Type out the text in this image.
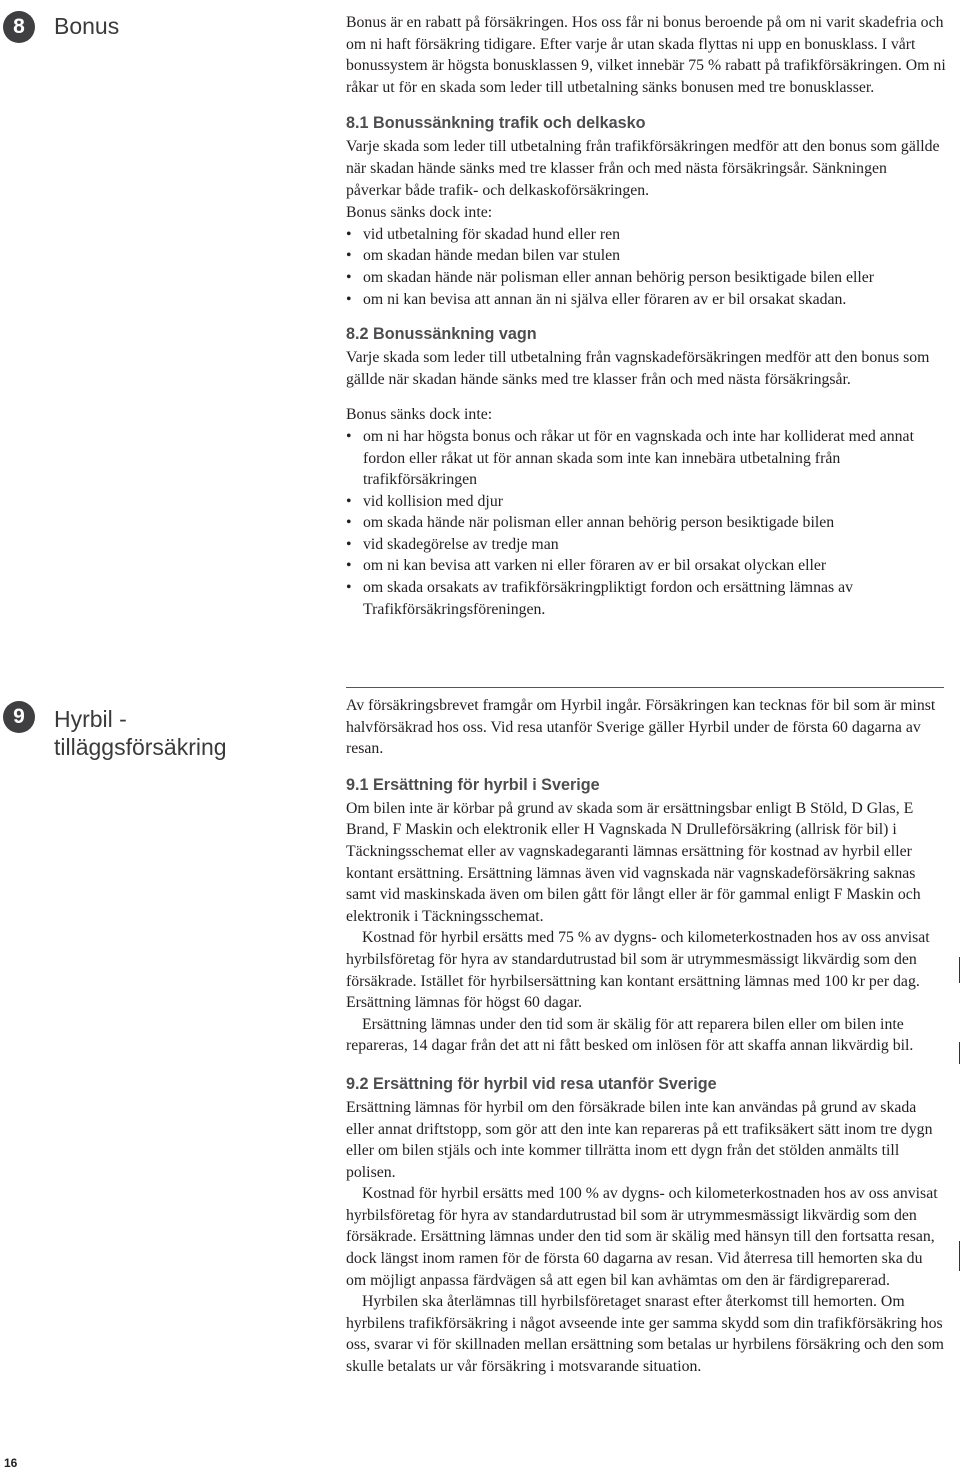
8 Bonus	Bonus är en rabatt på försäkringen. Hos oss får ni bonus beroende på om ni varit skadefria och om ni haft försäkring tidigare. Efter varje år utan skada flyttas ni upp en bonusklass. I vårt bonussystem är högsta bonusklassen 9, vilket innebär 75 % rabatt på trafikförsäkringen. Om ni råkar ut för en skada som leder till utbetalning sänks bonusen med tre bonusklasser.

8.1 Bonussänkning trafik och delkasko

Varje skada som leder till utbetalning från trafikförsäkringen medför att den bonus som gällde när skadan hände sänks med tre klasser från och med nästa försäkringsår. Sänkningen påverkar både trafik- och delkaskoförsäkringen.

Bonus sänks dock inte:

• vid utbetalning för skadad hund eller ren
• om skadan hände medan bilen var stulen
• om skadan hände när polisman eller annan behörig person besiktigade bilen eller
• om ni kan bevisa att annan än ni själva eller föraren av er bil orsakat skadan.
8.2 Bonussänkning vagn

Varje skada som leder till utbetalning från vagnskadeförsäkringen medför att den bonus som gällde när skadan hände sänks med tre klasser från och med nästa försäkringsår.

Bonus sänks dock inte:

• om ni har högsta bonus och råkar ut för en vagnskada och inte har kolliderat med annat fordon eller råkat ut för annan skada som inte kan innebära utbetalning från trafikförsäkringen
• vid kollision med djur
• om skada hände när polisman eller annan behörig person besiktigade bilen
• vid skadegörelse av tredje man
• om ni kan bevisa att varken ni eller föraren av er bil orsakat olyckan eller
• om skada orsakats av trafikförsäkringpliktigt fordon och ersättning lämnas av Trafikförsäkringsföreningen.
9 Hyrbil - tilläggsförsäkring

Av försäkringsbrevet framgår om Hyrbil ingår. Försäkringen kan tecknas för bil som är minst halvförsäkrad hos oss. Vid resa utanför Sverige gäller Hyrbil under de första 60 dagarna av resan.

9.1 Ersättning för hyrbil i Sverige

Om bilen inte är körbar på grund av skada som är ersättningsbar enligt B Stöld, D Glas, E Brand, F Maskin och elektronik eller H Vagnskada N Drulleförsäkring (allrisk för bil) i Täckningsschemat eller av vagnskadegaranti lämnas ersättning för kostnad av hyrbil eller kontant ersättning. Ersättning lämnas även vid vagnskada när vagnskadeförsäkring saknas samt vid maskinskada även om bilen gått för långt eller är för gammal enligt F Maskin och elektronik i Täckningsschemat.

Kostnad för hyrbil ersätts med 75 % av dygns- och kilometerkostnaden hos av oss anvisat hyrbilsföretag för hyra av standardutrustad bil som är utrymmesmässigt likvärdig som den försäkrade. Istället för hyrbilsersättning kan kontant ersättning lämnas med 100 kr per dag. Ersättning lämnas för högst 60 dagar.

Ersättning lämnas under den tid som är skälig för att reparera bilen eller om bilen inte repareras, 14 dagar från det att ni fått besked om inlösen för att skaffa annan likvärdig bil.

9.2 Ersättning för hyrbil vid resa utanför Sverige

Ersättning lämnas för hyrbil om den försäkrade bilen inte kan användas på grund av skada eller annat driftstopp, som gör att den inte kan repareras på ett trafiksäkert sätt inom tre dygn eller om bilen stjäls och inte kommer tillrätta inom ett dygn från det stölden anmälts till polisen.

Kostnad för hyrbil ersätts med 100 % av dygns- och kilometerkostnaden hos av oss anvisat hyrbilsföretag för hyra av standardutrustad bil som är utrymmesmässigt likvärdig som den försäkrade. Ersättning lämnas under den tid som är skälig med hänsyn till den fortsatta resan, dock längst inom ramen för de första 60 dagarna av resan. Vid återresa till hemorten ska du om möjligt anpassa färdvägen så att egen bil kan avhämtas om den är färdigreparerad.

Hyrbilen ska återlämnas till hyrbilsföretaget snarast efter återkomst till hemorten. Om hyrbilens trafikförsäkring i något avseende inte ger samma skydd som din trafikförsäkring hos oss, svarar vi för skillnaden mellan ersättning som betalas ur hyrbilens försäkring och den som skulle betalats ur vår försäkring i motsvarande situation.

16
